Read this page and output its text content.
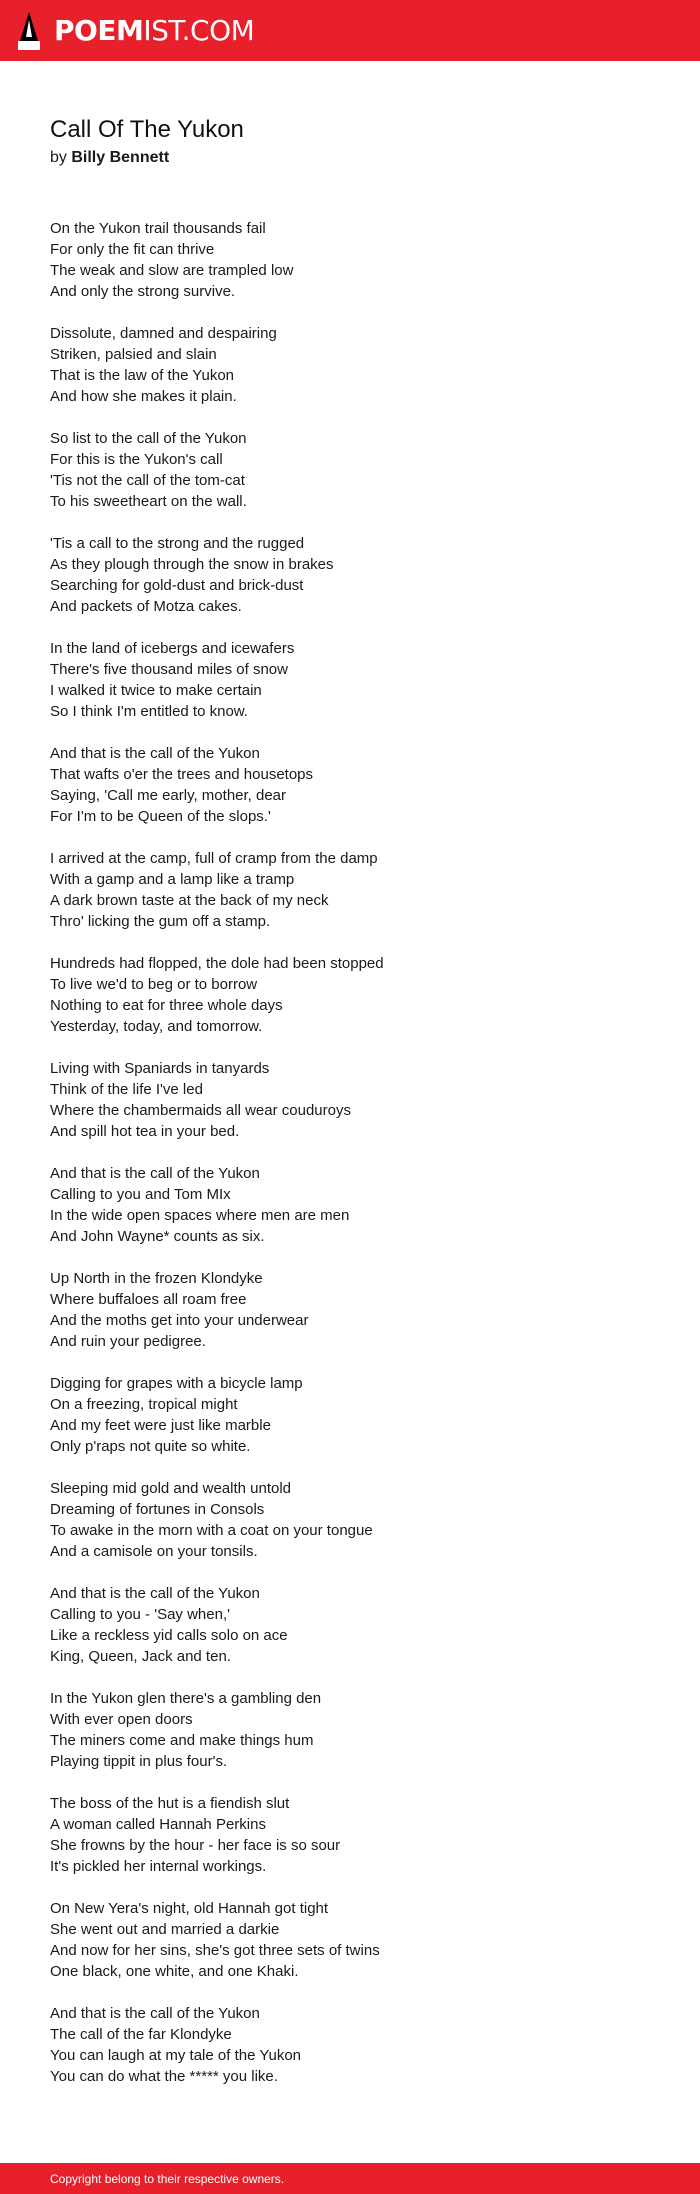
POEMIST.COM
Call Of The Yukon
by Billy Bennett
On the Yukon trail thousands fail
For only the fit can thrive
The weak and slow are trampled low
And only the strong survive.
Dissolute, damned and despairing
Striken, palsied and slain
That is the law of the Yukon
And how she makes it plain.
So list to the call of the Yukon
For this is the Yukon's call
'Tis not the call of the tom-cat
To his sweetheart on the wall.
'Tis a call to the strong and the rugged
As they plough through the snow in brakes
Searching for gold-dust and brick-dust
And packets of Motza cakes.
In the land of icebergs and icewafers
There's five thousand miles of snow
I walked it twice to make certain
So I think I'm entitled to know.
And that is the call of the Yukon
That wafts o'er the trees and housetops
Saying, 'Call me early, mother, dear
For I'm to be Queen of the slops.'
I arrived at the camp, full of cramp from the damp
With a gamp and a lamp like a tramp
A dark brown taste at the back of my neck
Thro' licking the gum off a stamp.
Hundreds had flopped, the dole had been stopped
To live we'd to beg or to borrow
Nothing to eat for three whole days
Yesterday, today, and tomorrow.
Living with Spaniards in tanyards
Think of the life I've led
Where the chambermaids all wear couduroys
And spill hot tea in your bed.
And that is the call of the Yukon
Calling to you and Tom MIx
In the wide open spaces where men are men
And John Wayne* counts as six.
Up North in the frozen Klondyke
Where buffaloes all roam free
And the moths get into your underwear
And ruin your pedigree.
Digging for grapes with a bicycle lamp
On a freezing, tropical might
And my feet were just like marble
Only p'raps not quite so white.
Sleeping mid gold and wealth untold
Dreaming of fortunes in Consols
To awake in the morn with a coat on your tongue
And a camisole on your tonsils.
And that is the call of the Yukon
Calling to you - 'Say when,'
Like a reckless yid calls solo on ace
King, Queen, Jack and ten.
In the Yukon glen there's a gambling den
With ever open doors
The miners come and make things hum
Playing tippit in plus four's.
The boss of the hut is a fiendish slut
A woman called Hannah Perkins
She frowns by the hour - her face is so sour
It's pickled her internal workings.
On New Yera's night, old Hannah got tight
She went out and married a darkie
And now for her sins, she's got three sets of twins
One black, one white, and one Khaki.
And that is the call of the Yukon
The call of the far Klondyke
You can laugh at my tale of the Yukon
You can do what the ***** you like.
Copyright belong to their respective owners.
